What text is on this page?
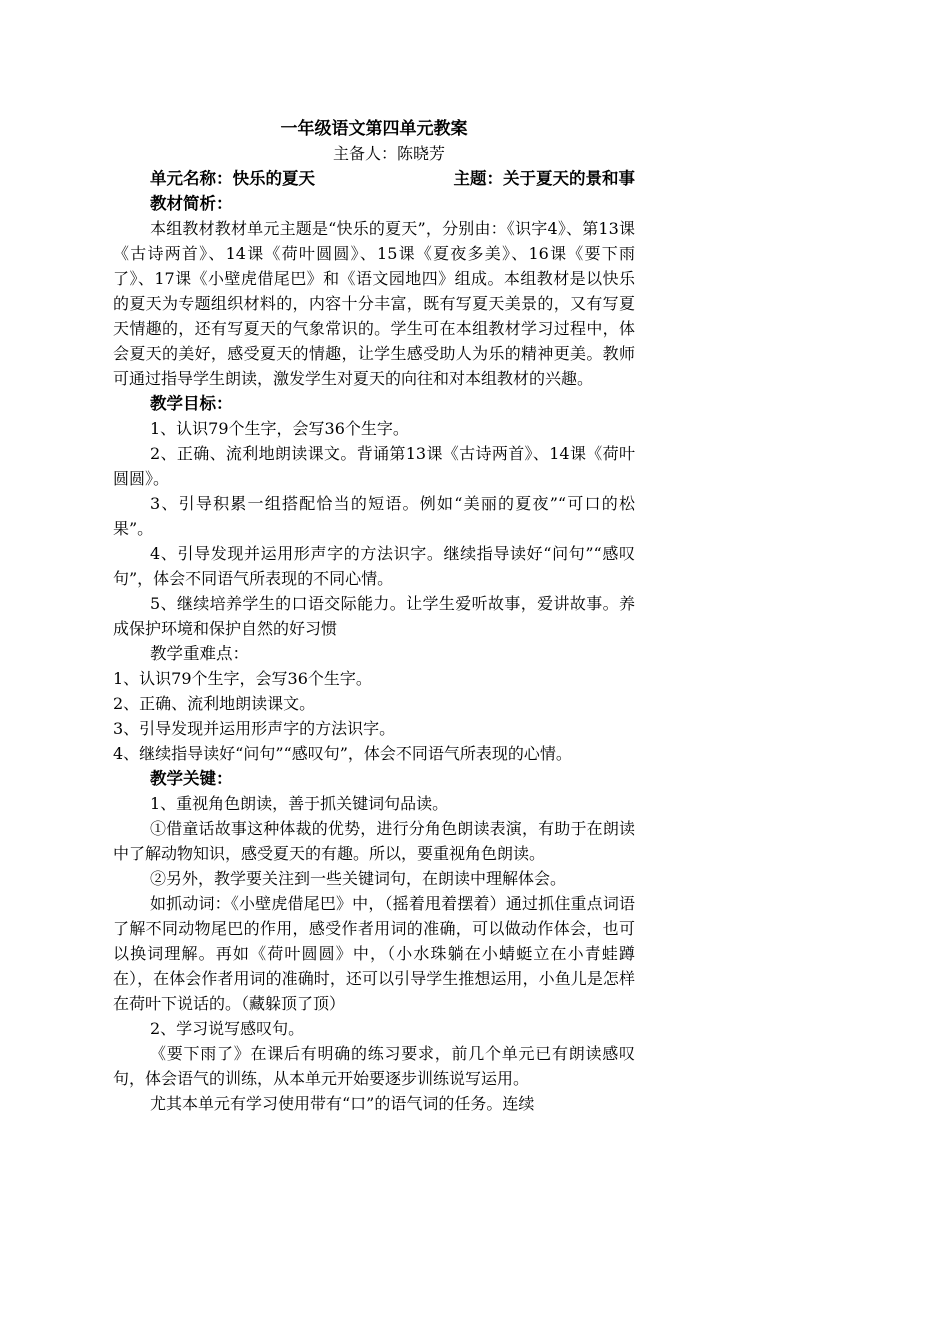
一年级语文第四单元教案
主备人：陈晓芳
单元名称：快乐的夏天	主题：关于夏天的景和事
教材简析：

本组教材教材单元主题是“快乐的夏天”，分别由：《识字4》、第13课《古诗两首》、14课《荷叶圆圆》、15课《夏夜多美》、16课《要下雨了》、17课《小壁虎借尾巴》和《语文园地四》组成。本组教材是以快乐的夏天为专题组织材料的，内容十分丰富，既有写夏天美景的，又有写夏天情趣的，还有写夏天的气象常识的。学生可在本组教材学习过程中，体会夏天的美好，感受夏天的情趣，让学生感受助人为乐的精神更美。教师可通过指导学生朗读，激发学生对夏天的向往和对本组教材的兴趣。

教学目标：

1、认识79个生字，会写36个生字。

2、正确、流利地朗读课文。背诵第13课《古诗两首》、14课《荷叶圆圆》。

3、引导积累一组搭配恰当的短语。例如“美丽的夏夜”“可口的松果”。

4、引导发现并运用形声字的方法识字。继续指导读好“问句”“感叹句”，体会不同语气所表现的不同心情。

5、继续培养学生的口语交际能力。让学生爱听故事，爱讲故事。养成保护环境和保护自然的好习惯

教学重难点：

1、认识79个生字，会写36个生字。

2、正确、流利地朗读课文。

3、引导发现并运用形声字的方法识字。

4、继续指导读好“问句”“感叹句”，体会不同语气所表现的心情。

教学关键：

1、重视角色朗读，善于抓关键词句品读。

①借童话故事这种体裁的优势，进行分角色朗读表演，有助于在朗读中了解动物知识，感受夏天的有趣。所以，要重视角色朗读。

②另外，教学要关注到一些关键词句，在朗读中理解体会。

如抓动词：《小壁虎借尾巴》中，（摇着甩着摆着）通过抓住重点词语了解不同动物尾巴的作用，感受作者用词的准确，可以做动作体会，也可以换词理解。再如《荷叶圆圆》中，（小水珠躺在小蜻蜓立在小青蛙蹲在），在体会作者用词的准确时，还可以引导学生推想运用，小鱼儿是怎样在荷叶下说话的。（藏躲顶了顶）

2、学习说写感叹句。

《要下雨了》在课后有明确的练习要求，前几个单元已有朗读感叹句，体会语气的训练，从本单元开始要逐步训练说写运用。

尤其本单元有学习使用带有“口”的语气词的任务。连续
